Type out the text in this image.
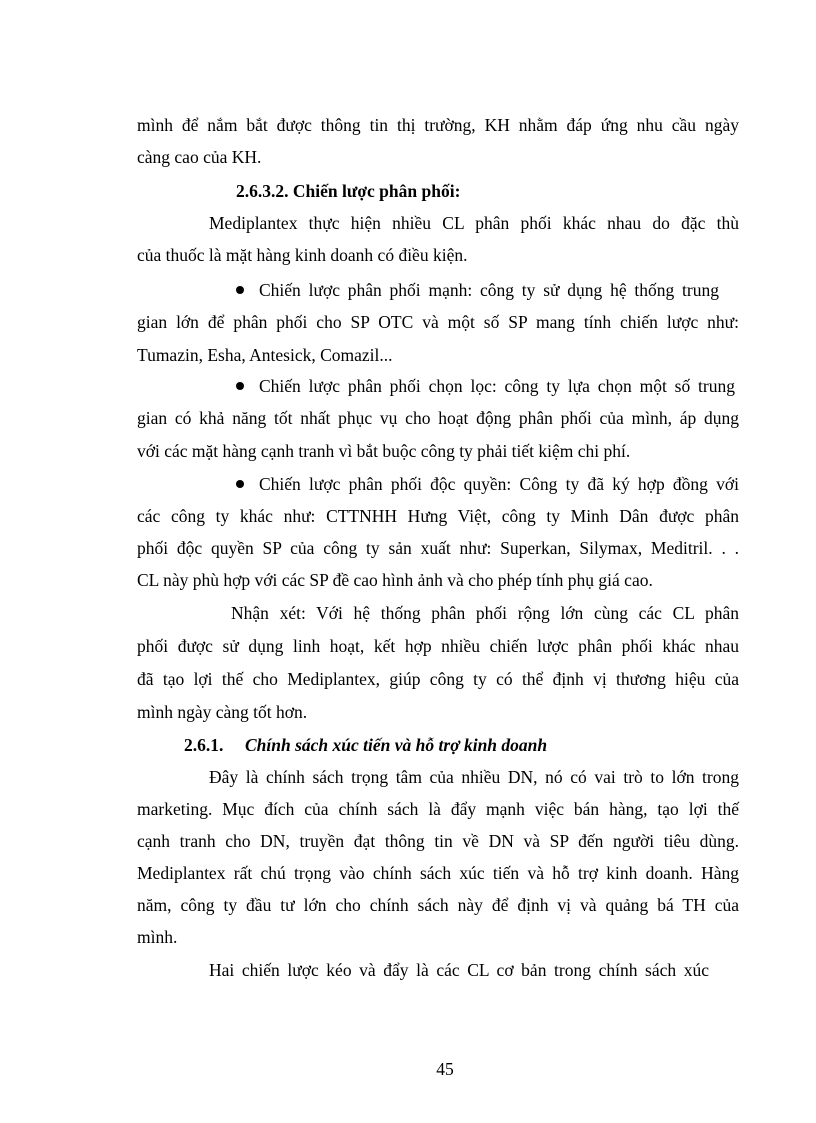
mình để nắm bắt được thông tin thị trường, KH nhằm đáp ứng nhu cầu ngày
càng cao của KH.
2.6.3.2. Chiến lược phân phối:
Mediplantex thực hiện nhiều CL phân phối khác nhau do đặc thù
của thuốc là mặt hàng kinh doanh có điều kiện.
Chiến lược phân phối mạnh: công ty sử dụng hệ thống trung
gian lớn để phân phối cho SP OTC và một số SP mang tính chiến lược như:
Tumazin, Esha, Antesick, Comazil...
Chiến lược phân phối chọn lọc: công ty lựa chọn một số trung
gian có khả năng tốt nhất phục vụ cho hoạt động phân phối của mình, áp dụng
với các mặt hàng cạnh tranh vì bắt buộc công ty phải tiết kiệm chi phí.
Chiến lược phân phối độc quyền: Công ty đã ký hợp đồng với
các công ty khác như: CTTNHH Hưng Việt, công ty Minh Dân được phân
phối độc quyền SP của công ty sản xuất như: Superkan, Silymax, Meditril. . .
CL này phù hợp với các SP đề cao hình ảnh và cho phép tính phụ giá cao.
Nhận xét: Với hệ thống phân phối rộng lớn cùng các CL phân
phối được sử dụng linh hoạt, kết hợp nhiều chiến lược phân phối khác nhau
đã tạo lợi thế cho Mediplantex, giúp công ty có thể định vị thương hiệu của
mình ngày càng tốt hơn.
2.6.1. Chính sách xúc tiến và hỗ trợ kinh doanh
Đây là chính sách trọng tâm của nhiều DN, nó có vai trò to lớn trong
marketing. Mục đích của chính sách là đẩy mạnh việc bán hàng, tạo lợi thế
cạnh tranh cho DN, truyền đạt thông tin về DN và SP đến người tiêu dùng.
Mediplantex rất chú trọng vào chính sách xúc tiến và hỗ trợ kinh doanh. Hàng
năm, công ty đầu tư lớn cho chính sách này để định vị và quảng bá TH của
mình.
Hai chiến lược kéo và đẩy là các CL cơ bản trong chính sách xúc
45
